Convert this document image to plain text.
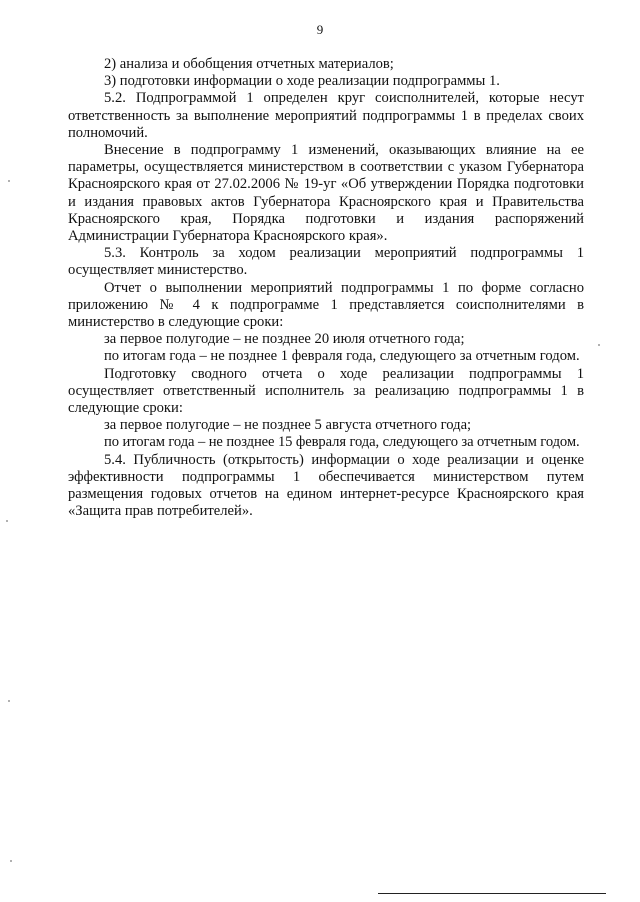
9

2) анализа и обобщения отчетных материалов;

3) подготовки информации о ходе реализации подпрограммы 1.

5.2. Подпрограммой 1 определен круг соисполнителей, которые несут ответственность за выполнение мероприятий подпрограммы 1 в пределах своих полномочий.

Внесение в подпрограмму 1 изменений, оказывающих влияние на ее параметры, осуществляется министерством в соответствии с указом Губернатора Красноярского края от 27.02.2006 № 19-уг «Об утверждении Порядка подготовки и издания правовых актов Губернатора Красноярского края и Правительства Красноярского края, Порядка подготовки и издания распоряжений Администрации Губернатора Красноярского края».

5.3. Контроль за ходом реализации мероприятий подпрограммы 1 осуществляет министерство.

Отчет о выполнении мероприятий подпрограммы 1 по форме согласно приложению № 4 к подпрограмме 1 представляется соисполнителями в министерство в следующие сроки:

за первое полугодие – не позднее 20 июля отчетного года;

по итогам года – не позднее 1 февраля года, следующего за отчетным годом.

Подготовку сводного отчета о ходе реализации подпрограммы 1 осуществляет ответственный исполнитель за реализацию подпрограммы 1 в следующие сроки:

за первое полугодие – не позднее 5 августа отчетного года;

по итогам года – не позднее 15 февраля года, следующего за отчетным годом.

5.4. Публичность (открытость) информации о ходе реализации и оценке эффективности подпрограммы 1 обеспечивается министерством путем размещения годовых отчетов на едином интернет-ресурсе Красноярского края «Защита прав потребителей».
